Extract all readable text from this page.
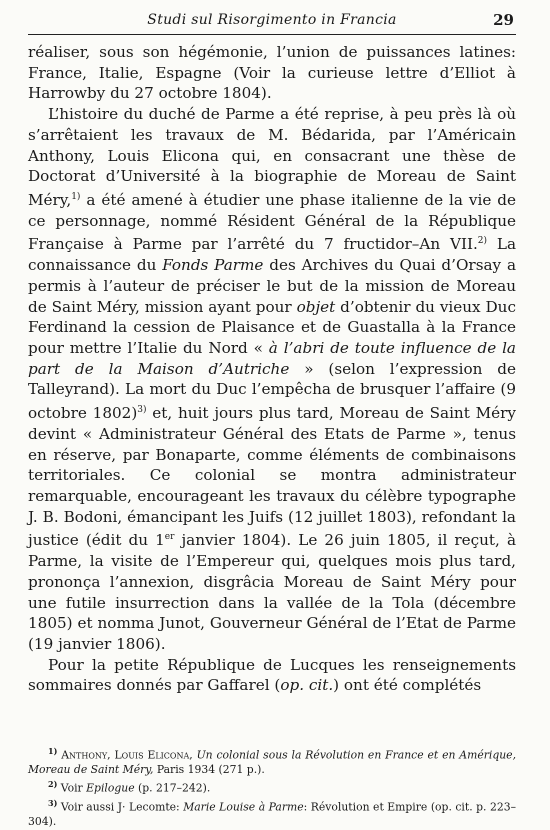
Studi sul Risorgimento in Francia	29

réaliser, sous son hégémonie, l’union de puissances latines: France, Italie, Espagne (Voir la curieuse lettre d’Elliot à Harrowby du 27 octobre 1804).

L’histoire du duché de Parme a été reprise, à peu près là où s’arrêtaient les travaux de M. Bédarida, par l’Américain Anthony, Louis Elicona qui, en consacrant une thèse de Doctorat d’Université à la biographie de Moreau de Saint Méry,$^{1)}$ a été amené à étudier une phase italienne de la vie de ce personnage, nommé Résident Général de la République Française à Parme par l’arrêté du 7 fructidor–An VII.$^{2)}$ La connaissance du Fonds Parme des Archives du Quai d’Orsay a permis à l’auteur de préciser le but de la mission de Moreau de Saint Méry, mission ayant pour objet d’obtenir du vieux Duc Ferdinand la cession de Plaisance et de Guastalla à la France pour mettre l’Italie du Nord « à l’abri de toute influence de la part de la Maison d’Autriche » (selon l’expression de Talleyrand). La mort du Duc l’empêcha de brusquer l’affaire (9 octobre 1802)$^{3)}$ et, huit jours plus tard, Moreau de Saint Méry devint « Administrateur Général des Etats de Parme », tenus en réserve, par Bonaparte, comme éléments de combinaisons territoriales. Ce colonial se montra administrateur remarquable, encourageant les travaux du célèbre typographe J. B. Bodoni, émancipant les Juifs (12 juillet 1803), refondant la justice (édit du 1er janvier 1804). Le 26 juin 1805, il reçut, à Parme, la visite de l’Empereur qui, quelques mois plus tard, prononça l’annexion, disgrâcia Moreau de Saint Méry pour une futile insurrection dans la vallée de la Tola (décembre 1805) et nomma Junot, Gouverneur Général de l’Etat de Parme (19 janvier 1806).

Pour la petite République de Lucques les renseignements sommaires donnés par Gaffarel (op. cit.) ont été complétés

$^{1)}$ Anthony, Louis Elicona, Un colonial sous la Révolution en France et en Amérique, Moreau de Saint Méry, Paris 1934 (271 p.).

$^{2)}$ Voir Epilogue (p. 217–242).

$^{3)}$ Voir aussi J· Lecomte: Marie Louise à Parme: Révolution et Empire (op. cit. p. 223–304).
